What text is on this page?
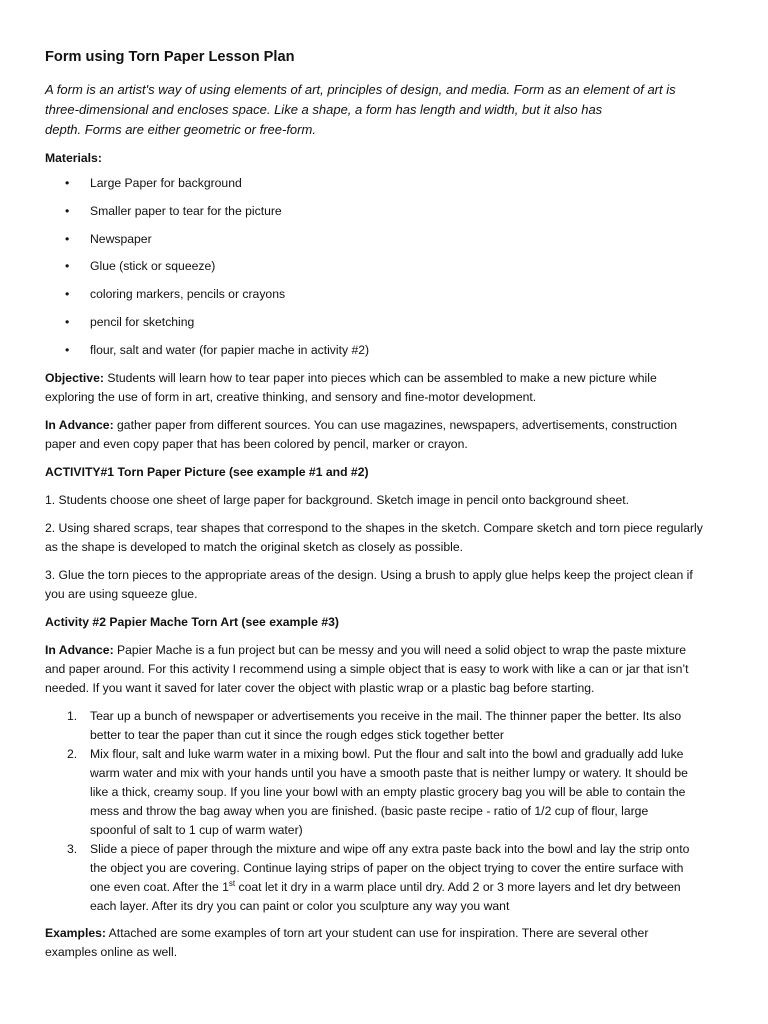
Form using Torn Paper Lesson Plan
A form is an artist's way of using elements of art, principles of design, and media. Form as an element of art is
three-dimensional and encloses space. Like a shape, a form has length and width, but it also has
depth. Forms are either geometric or free-form.

Materials:

• Large Paper for background
• Smaller paper to tear for the picture
• Newspaper
• Glue (stick or squeeze)
• coloring markers, pencils or crayons
• pencil for sketching
• flour, salt and water (for papier mache in activity #2)

Objective: Students will learn how to tear paper into pieces which can be assembled to make a new picture while
exploring the use of form in art, creative thinking, and sensory and fine-motor development.

In Advance: gather paper from different sources. You can use magazines, newspapers, advertisements, construction
paper and even copy paper that has been colored by pencil, marker or crayon.

ACTIVITY#1 Torn Paper Picture (see example #1 and #2)

1. Students choose one sheet of large paper for background. Sketch image in pencil onto background sheet.

2. Using shared scraps, tear shapes that correspond to the shapes in the sketch. Compare sketch and torn piece regularly
as the shape is developed to match the original sketch as closely as possible.

3. Glue the torn pieces to the appropriate areas of the design. Using a brush to apply glue helps keep the project clean if
you are using squeeze glue.

Activity #2 Papier Mache Torn Art (see example #3)

In Advance: Papier Mache is a fun project but can be messy and you will need a solid object to wrap the paste mixture
and paper around. For this activity I recommend using a simple object that is easy to work with like a can or jar that isn’t
needed. If you want it saved for later cover the object with plastic wrap or a plastic bag before starting.

1. Tear up a bunch of newspaper or advertisements you receive in the mail. The thinner paper the better. Its also
better to tear the paper than cut it since the rough edges stick together better
2. Mix flour, salt and luke warm water in a mixing bowl. Put the flour and salt into the bowl and gradually add luke
warm water and mix with your hands until you have a smooth paste that is neither lumpy or watery. It should be
like a thick, creamy soup. If you line your bowl with an empty plastic grocery bag you will be able to contain the
mess and throw the bag away when you are finished. (basic paste recipe - ratio of 1/2 cup of flour, large
spoonful of salt to 1 cup of warm water)
3. Slide a piece of paper through the mixture and wipe off any extra paste back into the bowl and lay the strip onto
the object you are covering. Continue laying strips of paper on the object trying to cover the entire surface with
one even coat. After the 1st coat let it dry in a warm place until dry. Add 2 or 3 more layers and let dry between
each layer. After its dry you can paint or color you sculpture any way you want

Examples: Attached are some examples of torn art your student can use for inspiration. There are several other
examples online as well.
